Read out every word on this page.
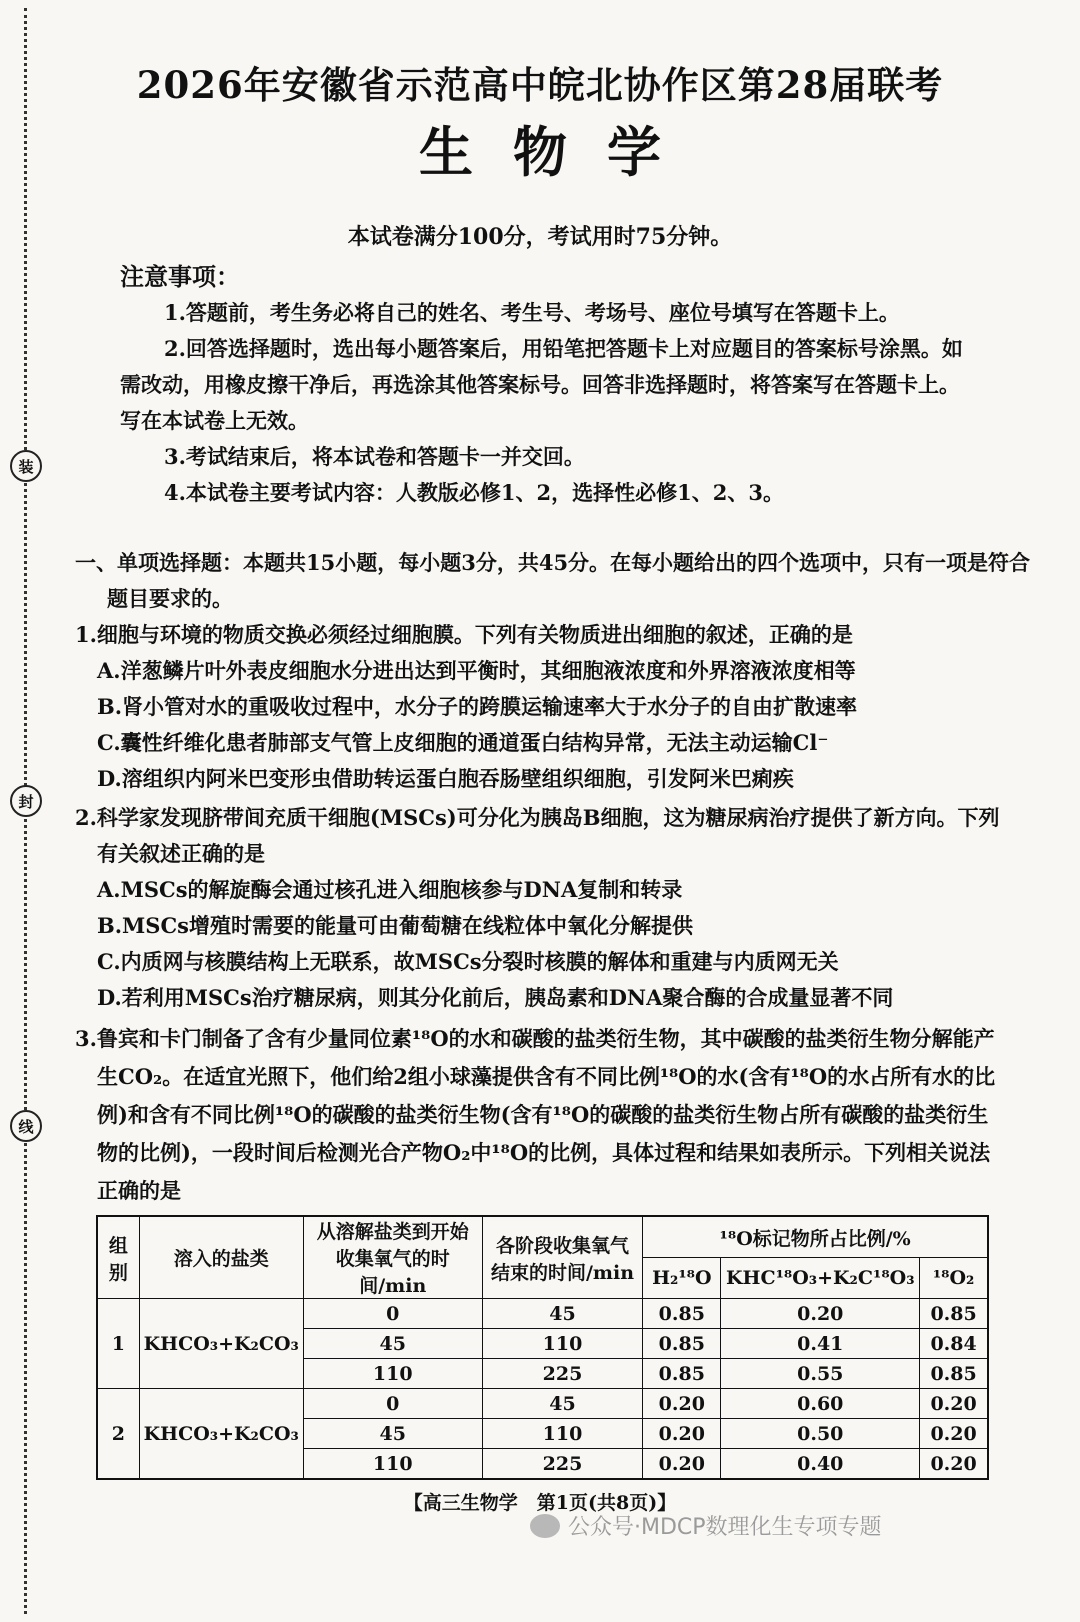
装
封
线
2026年安徽省示范高中皖北协作区第28届联考
生物学
本试卷满分100分，考试用时75分钟。
注意事项：

1.答题前，考生务必将自己的姓名、考生号、考场号、座位号填写在答题卡上。

2.回答选择题时，选出每小题答案后，用铅笔把答题卡上对应题目的答案标号涂黑。如需改动，用橡皮擦干净后，再选涂其他答案标号。回答非选择题时，将答案写在答题卡上。写在本试卷上无效。

3.考试结束后，将本试卷和答题卡一并交回。

4.本试卷主要考试内容：人教版必修1、2，选择性必修1、2、3。

一、单项选择题：本题共15小题，每小题3分，共45分。在每小题给出的四个选项中，只有一项是符合题目要求的。

1.细胞与环境的物质交换必须经过细胞膜。下列有关物质进出细胞的叙述，正确的是

A.洋葱鳞片叶外表皮细胞水分进出达到平衡时，其细胞液浓度和外界溶液浓度相等

B.肾小管对水的重吸收过程中，水分子的跨膜运输速率大于水分子的自由扩散速率

C.囊性纤维化患者肺部支气管上皮细胞的通道蛋白结构异常，无法主动运输Cl⁻

D.溶组织内阿米巴变形虫借助转运蛋白胞吞肠壁组织细胞，引发阿米巴痢疾

2.科学家发现脐带间充质干细胞(MSCs)可分化为胰岛B细胞，这为糖尿病治疗提供了新方向。下列有关叙述正确的是

A.MSCs的解旋酶会通过核孔进入细胞核参与DNA复制和转录

B.MSCs增殖时需要的能量可由葡萄糖在线粒体中氧化分解提供

C.内质网与核膜结构上无联系，故MSCs分裂时核膜的解体和重建与内质网无关

D.若利用MSCs治疗糖尿病，则其分化前后，胰岛素和DNA聚合酶的合成量显著不同

3.鲁宾和卡门制备了含有少量同位素¹⁸O的水和碳酸的盐类衍生物，其中碳酸的盐类衍生物分解能产生CO₂。在适宜光照下，他们给2组小球藻提供含有不同比例¹⁸O的水(含有¹⁸O的水占所有水的比例)和含有不同比例¹⁸O的碳酸的盐类衍生物(含有¹⁸O的碳酸的盐类衍生物占所有碳酸的盐类衍生物的比例)，一段时间后检测光合产物O₂中¹⁸O的比例，具体过程和结果如表所示。下列相关说法正确的是

组别	溶入的盐类	从溶解盐类到开始收集氧气的时间/min	各阶段收集氧气结束的时间/min	¹⁸O标记物所占比例/%		
				H₂¹⁸O	KHC¹⁸O₃+K₂C¹⁸O₃	¹⁸O₂
1	KHCO₃+K₂CO₃	0	45	0.85	0.20	0.85
		45	110	0.85	0.41	0.84
		110	225	0.85	0.55	0.85
2	KHCO₃+K₂CO₃	0	45	0.20	0.60	0.20
		45	110	0.20	0.50	0.20
		110	225	0.20	0.40	0.20
【高三生物学　第1页(共8页)】
公众号·MDCP数理化生专项专题
